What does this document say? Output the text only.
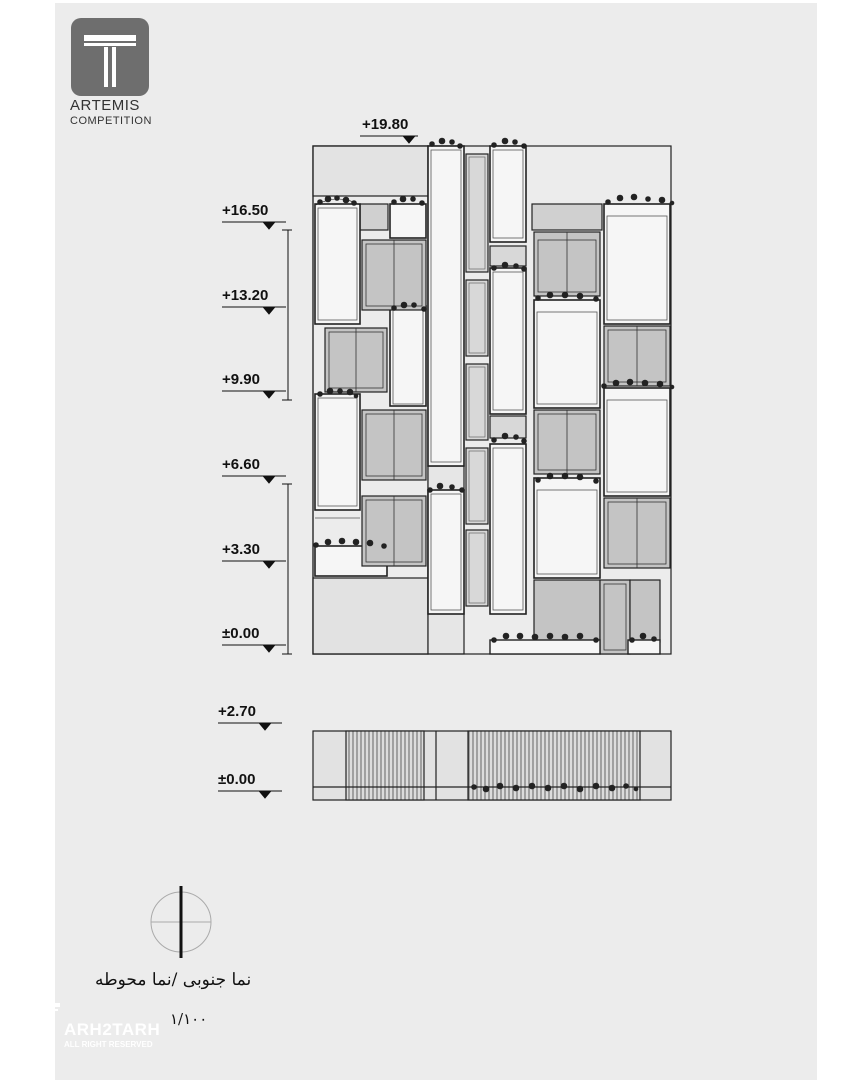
ARTEMIS
COMPETITION	+19.80
+16.50
+13.20
+9.90
+6.60
+3.30
±0.00
+2.70
±0.00
نما جنوبی /نما محوطه
۱/۱۰۰
ARH2TARH
ALL RIGHT RESERVED
